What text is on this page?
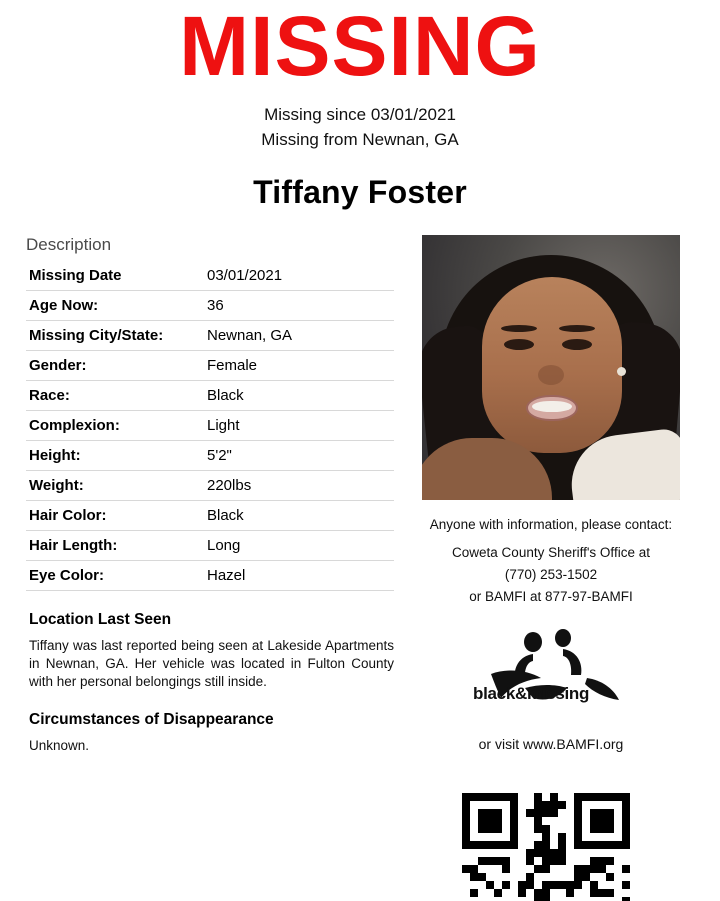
MISSING
Missing since 03/01/2021
Missing from Newnan, GA
Tiffany Foster
Description
Missing Date	03/01/2021
Age Now:	36
Missing City/State:	Newnan, GA
Gender:	Female
Race:	Black
Complexion:	Light
Height:	5'2"
Weight:	220lbs
Hair Color:	Black
Hair Length:	Long
Eye Color:	Hazel
Location Last Seen
Tiffany was last reported being seen at Lakeside Apartments in Newnan, GA. Her vehicle was located in Fulton County with her personal belongings still inside.
Circumstances of Disappearance
Unknown.
Anyone with information, please contact:
Coweta County Sheriff's Office at
(770) 253-1502
or BAMFI at 877-97-BAMFI
black&missing
or visit www.BAMFI.org
